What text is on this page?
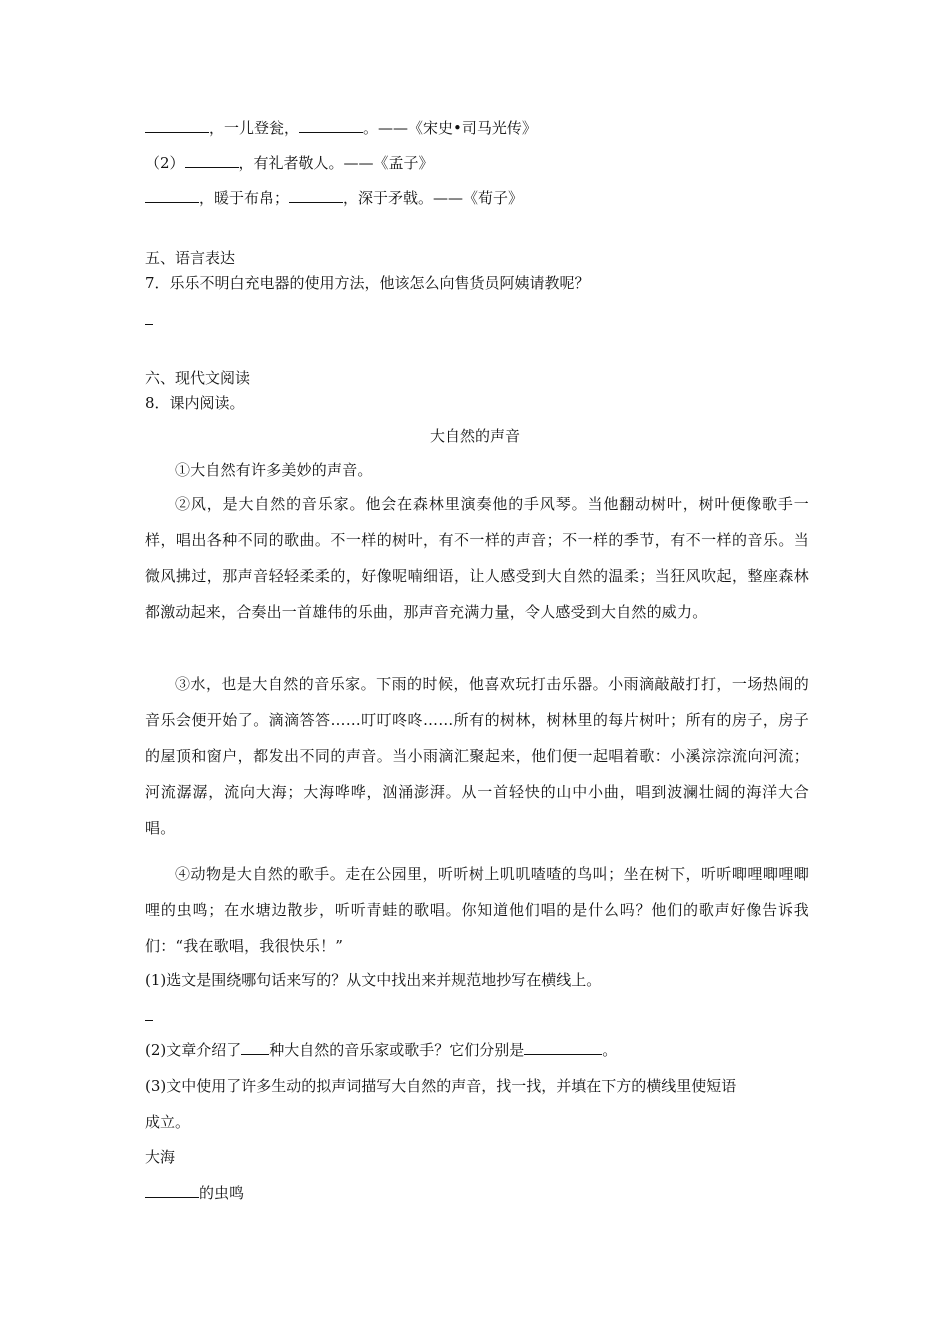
，一儿登瓮，	。——《宋史•司马光传》
（2）	，有礼者敬人。——《孟子》
，暖于布帛；	，深于矛戟。——《荀子》
五、语言表达
7．乐乐不明白充电器的使用方法，他该怎么向售货员阿姨请教呢？
六、现代文阅读
8．课内阅读。
大自然的声音
①大自然有许多美妙的声音。
②风，是大自然的音乐家。他会在森林里演奏他的手风琴。当他翻动树叶，树叶便像歌手一样，唱出各种不同的歌曲。不一样的树叶，有不一样的声音；不一样的季节，有不一样的音乐。当微风拂过，那声音轻轻柔柔的，好像呢喃细语，让人感受到大自然的温柔；当狂风吹起，整座森林都激动起来，合奏出一首雄伟的乐曲，那声音充满力量，令人感受到大自然的威力。
③水，也是大自然的音乐家。下雨的时候，他喜欢玩打击乐器。小雨滴敲敲打打，一场热闹的音乐会便开始了。滴滴答答……叮叮咚咚……所有的树林，树林里的每片树叶；所有的房子，房子的屋顶和窗户，都发出不同的声音。当小雨滴汇聚起来，他们便一起唱着歌：小溪淙淙流向河流；河流潺潺，流向大海；大海哗哗，汹涌澎湃。从一首轻快的山中小曲，唱到波澜壮阔的海洋大合唱。
④动物是大自然的歌手。走在公园里，听听树上叽叽喳喳的鸟叫；坐在树下，听听唧哩唧哩唧哩的虫鸣；在水塘边散步，听听青蛙的歌唱。你知道他们唱的是什么吗？他们的歌声好像告诉我们：“我在歌唱，我很快乐！”
(1)选文是围绕哪句话来写的？从文中找出来并规范地抄写在横线上。
(2)文章介绍了 种大自然的音乐家或歌手？它们分别是	。
(3)文中使用了许多生动的拟声词描写大自然的声音，找一找，并填在下方的横线里使短语
成立。
大海
的虫鸣
